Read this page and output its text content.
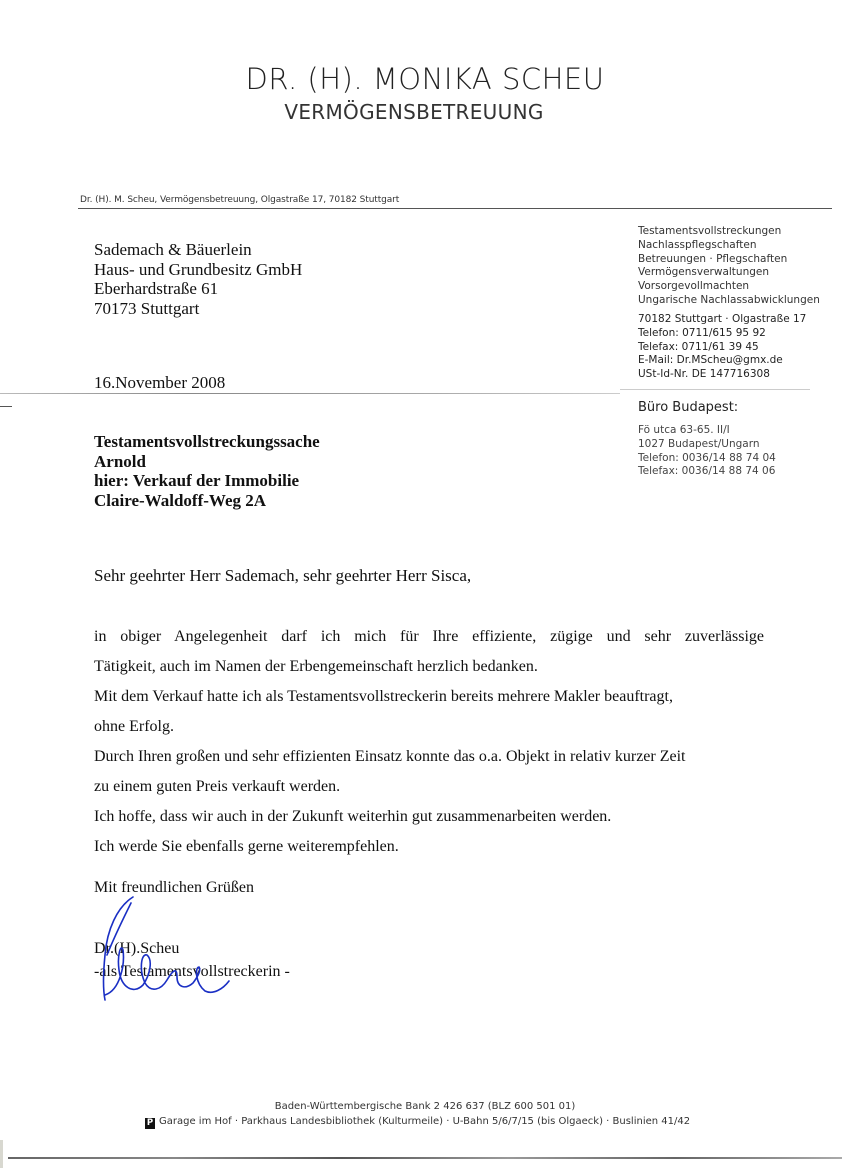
DR. (H). MONIKA SCHEU
VERMÖGENSBETREUUNG
Dr. (H). M. Scheu, Vermögensbetreuung, Olgastraße 17, 70182 Stuttgart
Sademach & Bäuerlein
Haus- und Grundbesitz GmbH
Eberhardstraße 61
70173 Stuttgart
16.November 2008
Testamentsvollstreckungen
Nachlasspflegschaften
Betreuungen · Pflegschaften
Vermögensverwaltungen
Vorsorgevollmachten
Ungarische Nachlassabwicklungen
70182 Stuttgart · Olgastraße 17
Telefon: 0711/615 95 92
Telefax: 0711/61 39 45
E-Mail: Dr.MScheu@gmx.de
USt-Id-Nr. DE 147716308
Büro Budapest:
Fö utca 63-65. II/I
1027 Budapest/Ungarn
Telefon: 0036/14 88 74 04
Telefax: 0036/14 88 74 06
Testamentsvollstreckungssache
Arnold
hier: Verkauf der Immobilie
Claire-Waldoff-Weg 2A
Sehr geehrter Herr Sademach, sehr geehrter Herr Sisca,
in obiger Angelegenheit darf ich mich für Ihre effiziente, zügige und sehr zuverlässige
Tätigkeit, auch im Namen der Erbengemeinschaft herzlich bedanken.
Mit dem Verkauf hatte ich als Testamentsvollstreckerin bereits mehrere Makler beauftragt,
ohne Erfolg.
Durch Ihren großen und sehr effizienten Einsatz konnte das o.a. Objekt in relativ kurzer Zeit
zu einem guten Preis verkauft werden.
Ich hoffe, dass wir auch in der Zukunft weiterhin gut zusammenarbeiten werden.
Ich werde Sie ebenfalls gerne weiterempfehlen.
Mit freundlichen Grüßen
Dr.(H).Scheu
-als Testamentsvollstreckerin -
Baden-Württembergische Bank 2 426 637 (BLZ 600 501 01)
P Garage im Hof · Parkhaus Landesbibliothek (Kulturmeile) · U-Bahn 5/6/7/15 (bis Olgaeck) · Buslinien 41/42
